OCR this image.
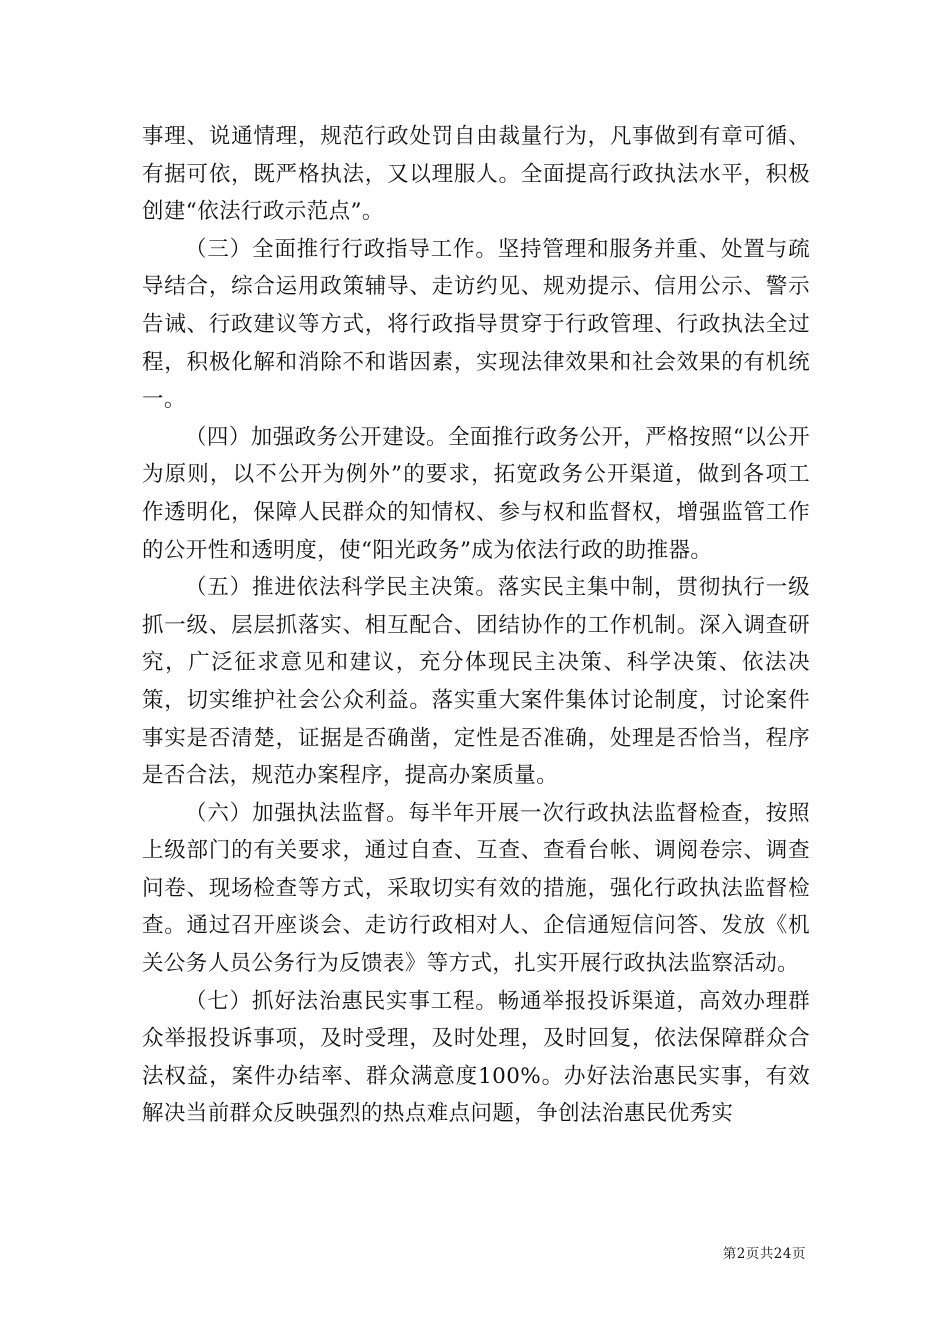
事理、说通情理，规范行政处罚自由裁量行为，凡事做到有章可循、有据可依，既严格执法，又以理服人。全面提高行政执法水平，积极创建“依法行政示范点”。

（三）全面推行行政指导工作。坚持管理和服务并重、处置与疏导结合，综合运用政策辅导、走访约见、规劝提示、信用公示、警示告诫、行政建议等方式，将行政指导贯穿于行政管理、行政执法全过程，积极化解和消除不和谐因素，实现法律效果和社会效果的有机统一。

（四）加强政务公开建设。全面推行政务公开，严格按照“以公开为原则，以不公开为例外”的要求，拓宽政务公开渠道，做到各项工作透明化，保障人民群众的知情权、参与权和监督权，增强监管工作的公开性和透明度，使“阳光政务”成为依法行政的助推器。

（五）推进依法科学民主决策。落实民主集中制，贯彻执行一级抓一级、层层抓落实、相互配合、团结协作的工作机制。深入调查研究，广泛征求意见和建议，充分体现民主决策、科学决策、依法决策，切实维护社会公众利益。落实重大案件集体讨论制度，讨论案件事实是否清楚，证据是否确凿，定性是否准确，处理是否恰当，程序是否合法，规范办案程序，提高办案质量。

（六）加强执法监督。每半年开展一次行政执法监督检查，按照上级部门的有关要求，通过自查、互查、查看台帐、调阅卷宗、调查问卷、现场检查等方式，采取切实有效的措施，强化行政执法监督检查。通过召开座谈会、走访行政相对人、企信通短信问答、发放《机关公务人员公务行为反馈表》等方式，扎实开展行政执法监察活动。

（七）抓好法治惠民实事工程。畅通举报投诉渠道，高效办理群众举报投诉事项，及时受理，及时处理，及时回复，依法保障群众合法权益，案件办结率、群众满意度100%。办好法治惠民实事，有效解决当前群众反映强烈的热点难点问题，争创法治惠民优秀实

第2页共24页
